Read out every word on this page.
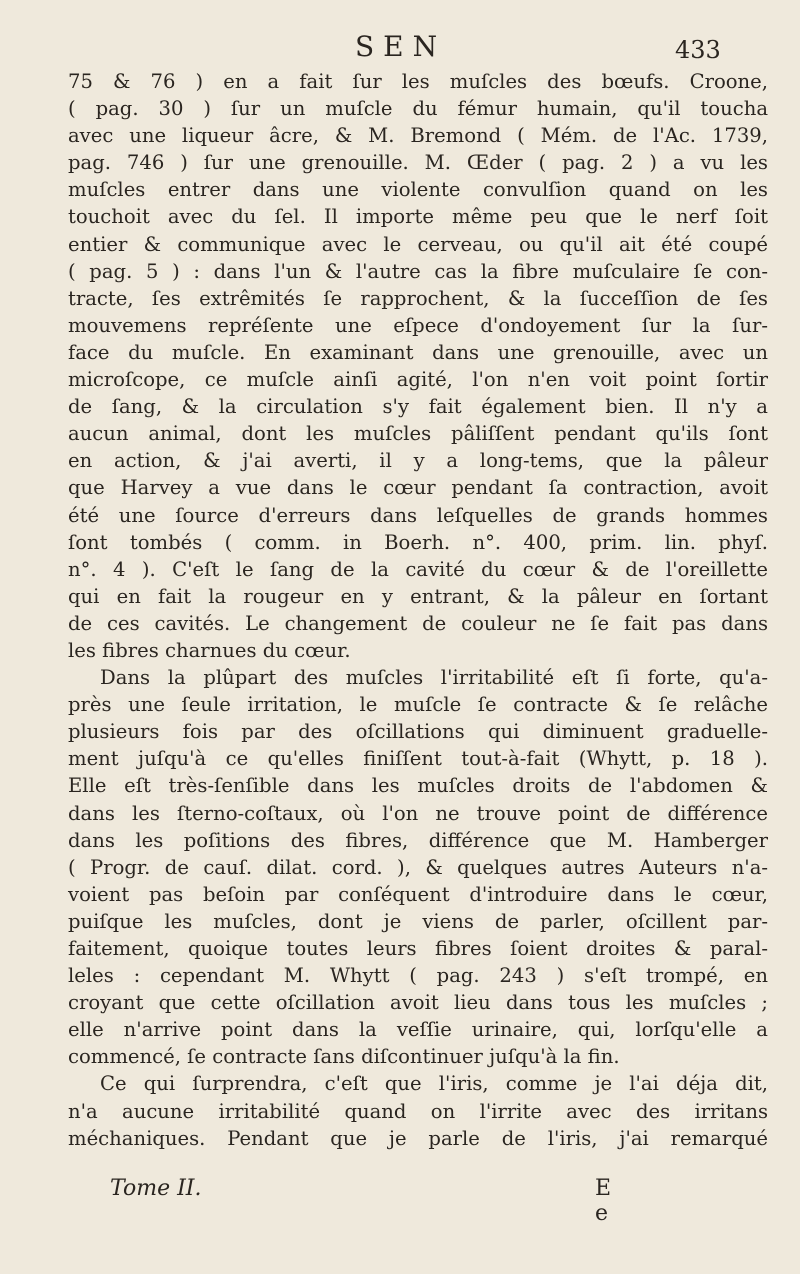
SEN	433
75 & 76 ) en a fait ſur les muſcles des bœufs. Croone,
( pag. 30 ) ſur un muſcle du fémur humain, qu'il toucha
avec une liqueur âcre, & M. Bremond ( Mém. de l'Ac. 1739,
pag. 746 ) ſur une grenouille. M. Œder ( pag. 2 ) a vu les
muſcles entrer dans une violente convulſion quand on les
touchoit avec du ſel. Il importe même peu que le nerf ſoit
entier & communique avec le cerveau, ou qu'il ait été coupé
( pag. 5 ) : dans l'un & l'autre cas la fibre muſculaire ſe con-
tracte, ſes extrêmités ſe rapprochent, & la ſucceſſion de ſes
mouvemens repréſente une eſpece d'ondoyement ſur la ſur-
face du muſcle. En examinant dans une grenouille, avec un
microſcope, ce muſcle ainſi agité, l'on n'en voit point ſortir
de ſang, & la circulation s'y fait également bien. Il n'y a
aucun animal, dont les muſcles pâliſſent pendant qu'ils ſont
en action, & j'ai averti, il y a long-tems, que la pâleur
que Harvey a vue dans le cœur pendant ſa contraction, avoit
été une ſource d'erreurs dans leſquelles de grands hommes
ſont tombés ( comm. in Boerh. n°. 400, prim. lin. phyſ.
n°. 4 ). C'eſt le ſang de la cavité du cœur & de l'oreillette
qui en fait la rougeur en y entrant, & la pâleur en ſortant
de ces cavités. Le changement de couleur ne ſe fait pas dans
les fibres charnues du cœur.
Dans la plûpart des muſcles l'irritabilité eſt ſi forte, qu'a-
près une ſeule irritation, le muſcle ſe contracte & ſe relâche
plusieurs fois par des oſcillations qui diminuent graduelle-
ment juſqu'à ce qu'elles finiſſent tout-à-fait (Whytt, p. 18 ).
Elle eſt très-ſenſible dans les muſcles droits de l'abdomen &
dans les ſterno-coſtaux, où l'on ne trouve point de différence
dans les poſitions des fibres, différence que M. Hamberger
( Progr. de cauſ. dilat. cord. ), & quelques autres Auteurs n'a-
voient pas beſoin par conſéquent d'introduire dans le cœur,
puiſque les muſcles, dont je viens de parler, oſcillent par-
faitement, quoique toutes leurs fibres ſoient droites & paral-
leles : cependant M. Whytt ( pag. 243 ) s'eſt trompé, en
croyant que cette oſcillation avoit lieu dans tous les muſcles ;
elle n'arrive point dans la veſſie urinaire, qui, lorſqu'elle a
commencé, ſe contracte ſans diſcontinuer juſqu'à la fin.
Ce qui ſurprendra, c'eſt que l'iris, comme je l'ai déja dit,
n'a aucune irritabilité quand on l'irrite avec des irritans
méchaniques. Pendant que je parle de l'iris, j'ai remarqué
Tome II.	E e
